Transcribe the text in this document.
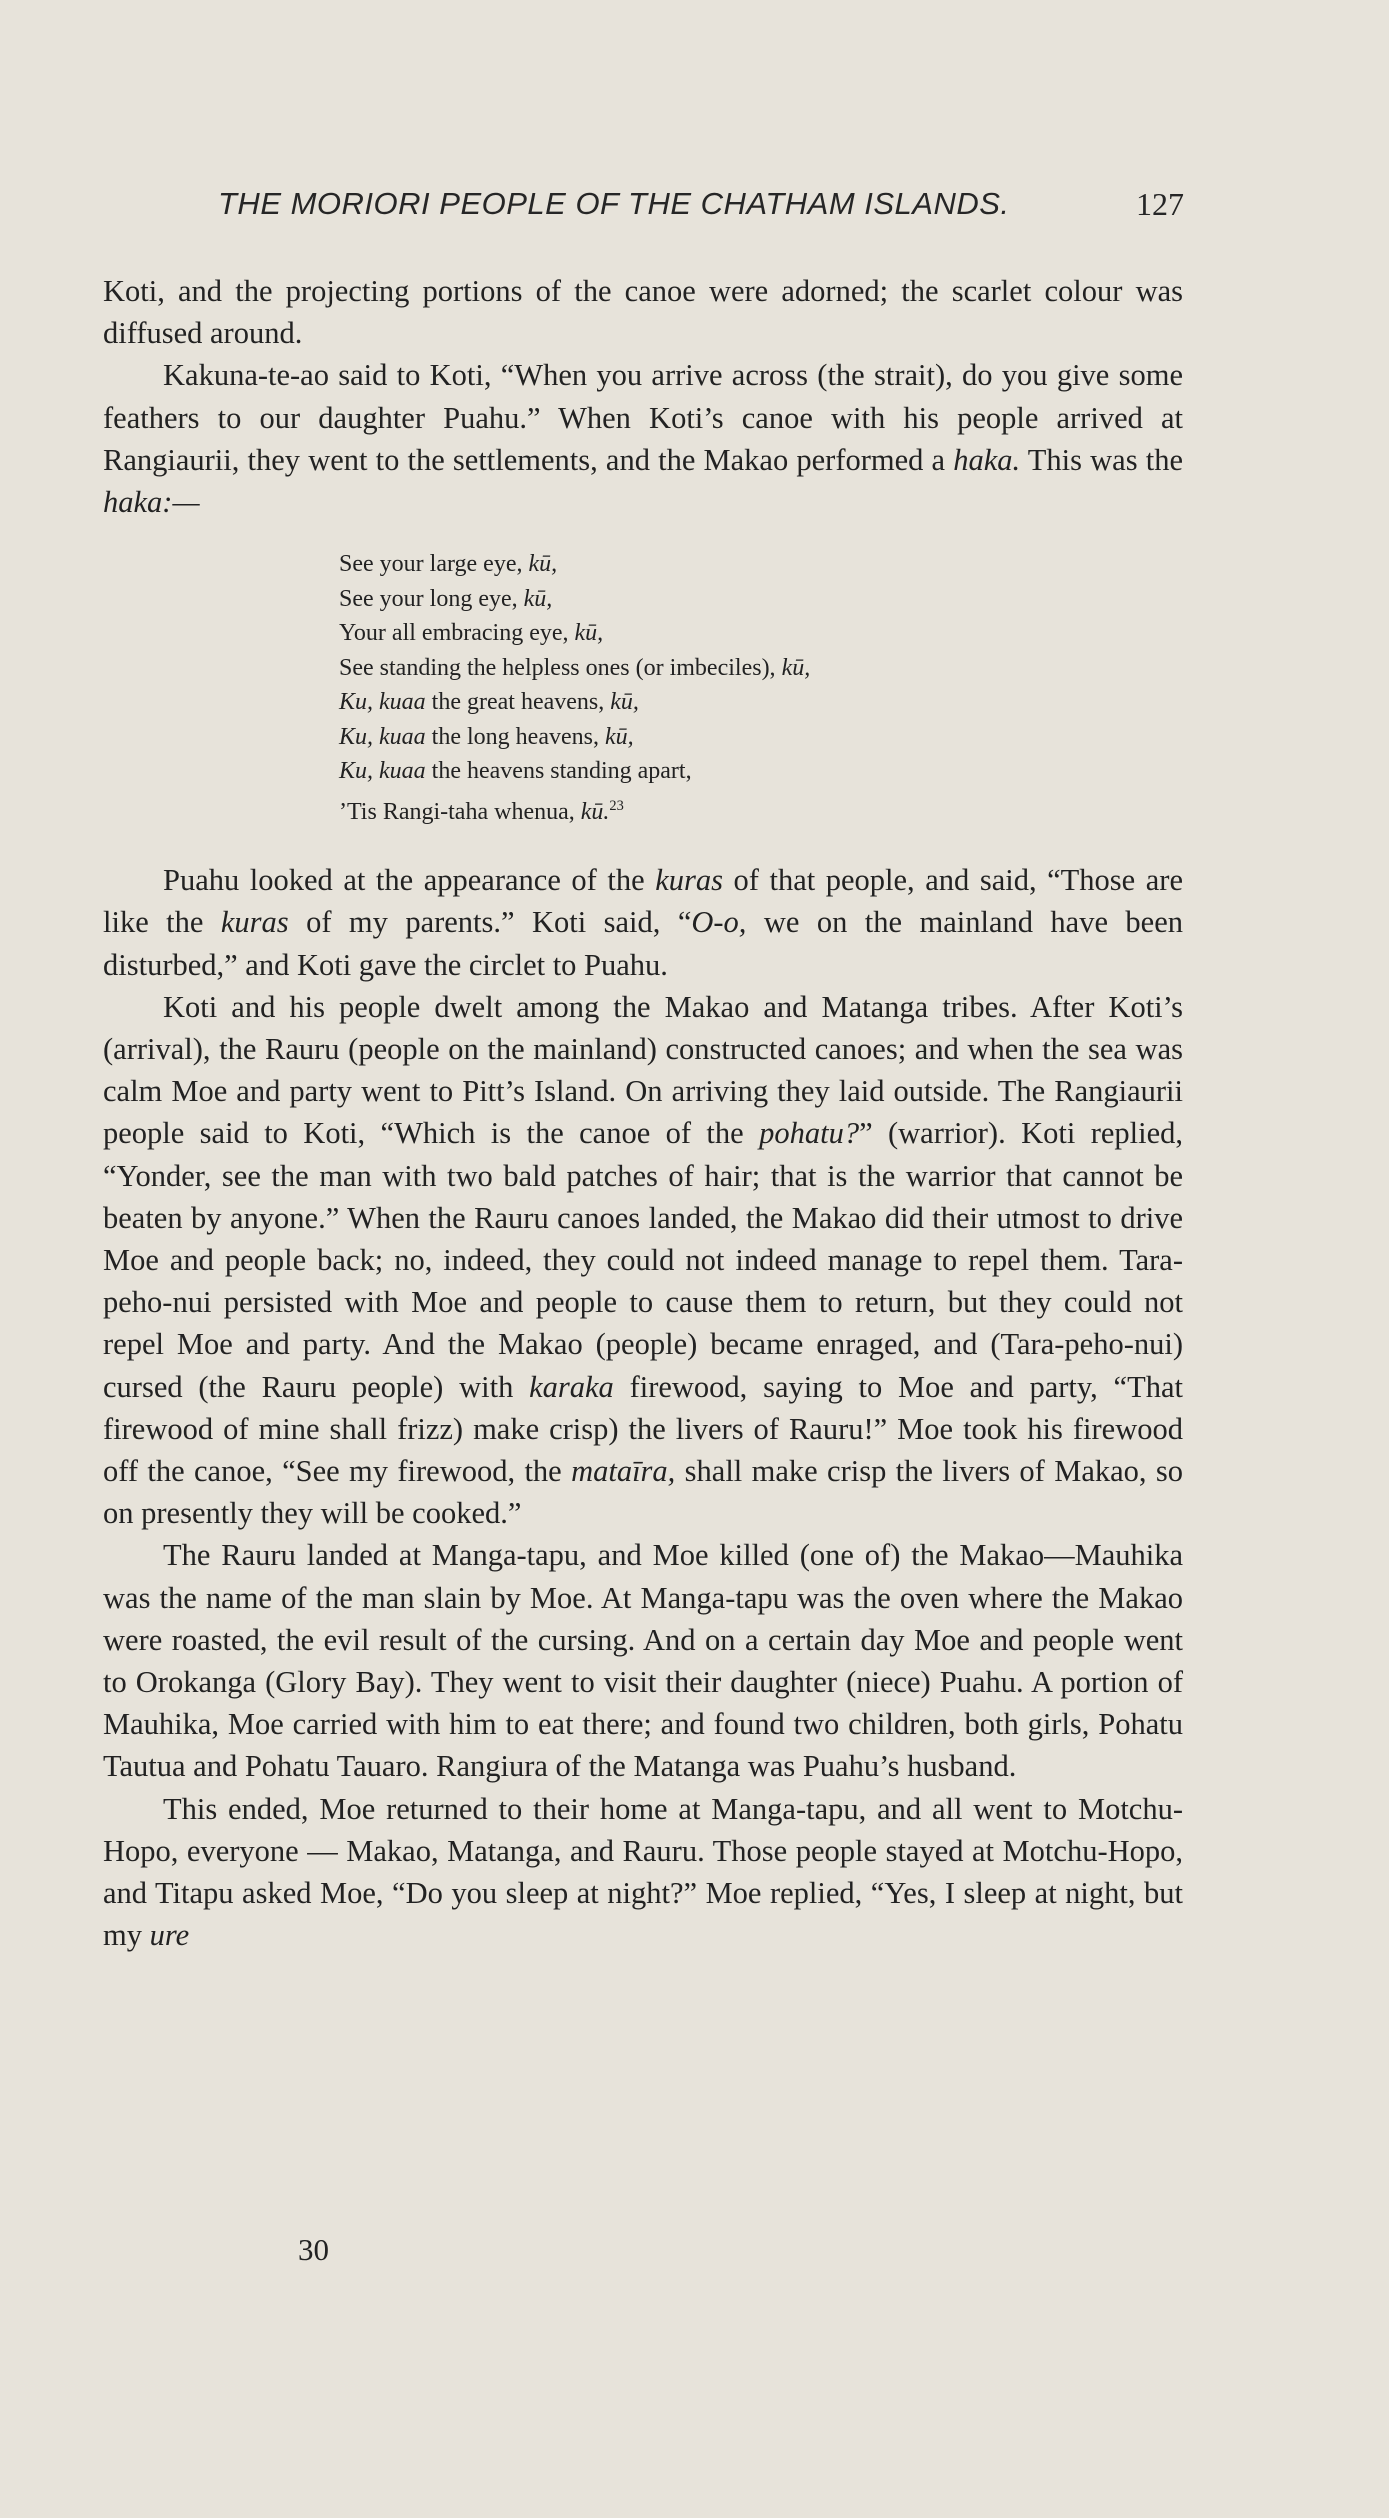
THE MORIORI PEOPLE OF THE CHATHAM ISLANDS.	127

Koti, and the projecting portions of the canoe were adorned; the scarlet colour was diffused around.

Kakuna-te-ao said to Koti, “When you arrive across (the strait), do you give some feathers to our daughter Puahu.” When Koti’s canoe with his people arrived at Rangiaurii, they went to the settlements, and the Makao performed a haka. This was the haka:—

See your large eye, kū,
See your long eye, kū,
Your all embracing eye, kū,
See standing the helpless ones (or imbeciles), kū,
Ku, kuaa the great heavens, kū,
Ku, kuaa the long heavens, kū,
Ku, kuaa the heavens standing apart,
’Tis Rangi-taha whenua, kū.$^{23}$

Puahu looked at the appearance of the kuras of that people, and said, “Those are like the kuras of my parents.” Koti said, “O-o, we on the mainland have been disturbed,” and Koti gave the circlet to Puahu.

Koti and his people dwelt among the Makao and Matanga tribes. After Koti’s (arrival), the Rauru (people on the mainland) constructed canoes; and when the sea was calm Moe and party went to Pitt’s Island. On arriving they laid outside. The Rangiaurii people said to Koti, “Which is the canoe of the pohatu?” (warrior). Koti replied, “Yonder, see the man with two bald patches of hair; that is the warrior that cannot be beaten by anyone.” When the Rauru canoes landed, the Makao did their utmost to drive Moe and people back; no, indeed, they could not indeed manage to repel them. Tara-peho-nui persisted with Moe and people to cause them to return, but they could not repel Moe and party. And the Makao (people) became enraged, and (Tara-peho-nui) cursed (the Rauru people) with karaka firewood, saying to Moe and party, “That firewood of mine shall frizz) make crisp) the livers of Rauru!” Moe took his firewood off the canoe, “See my firewood, the mataīra, shall make crisp the livers of Makao, so on presently they will be cooked.”

The Rauru landed at Manga-tapu, and Moe killed (one of) the Makao—Mauhika was the name of the man slain by Moe. At Manga-tapu was the oven where the Makao were roasted, the evil result of the cursing. And on a certain day Moe and people went to Orokanga (Glory Bay). They went to visit their daughter (niece) Puahu. A portion of Mauhika, Moe carried with him to eat there; and found two children, both girls, Pohatu Tautua and Pohatu Tauaro. Rangiura of the Matanga was Puahu’s husband.

This ended, Moe returned to their home at Manga-tapu, and all went to Motchu-Hopo, everyone — Makao, Matanga, and Rauru. Those people stayed at Motchu-Hopo, and Titapu asked Moe, “Do you sleep at night?” Moe replied, “Yes, I sleep at night, but my ure

30
